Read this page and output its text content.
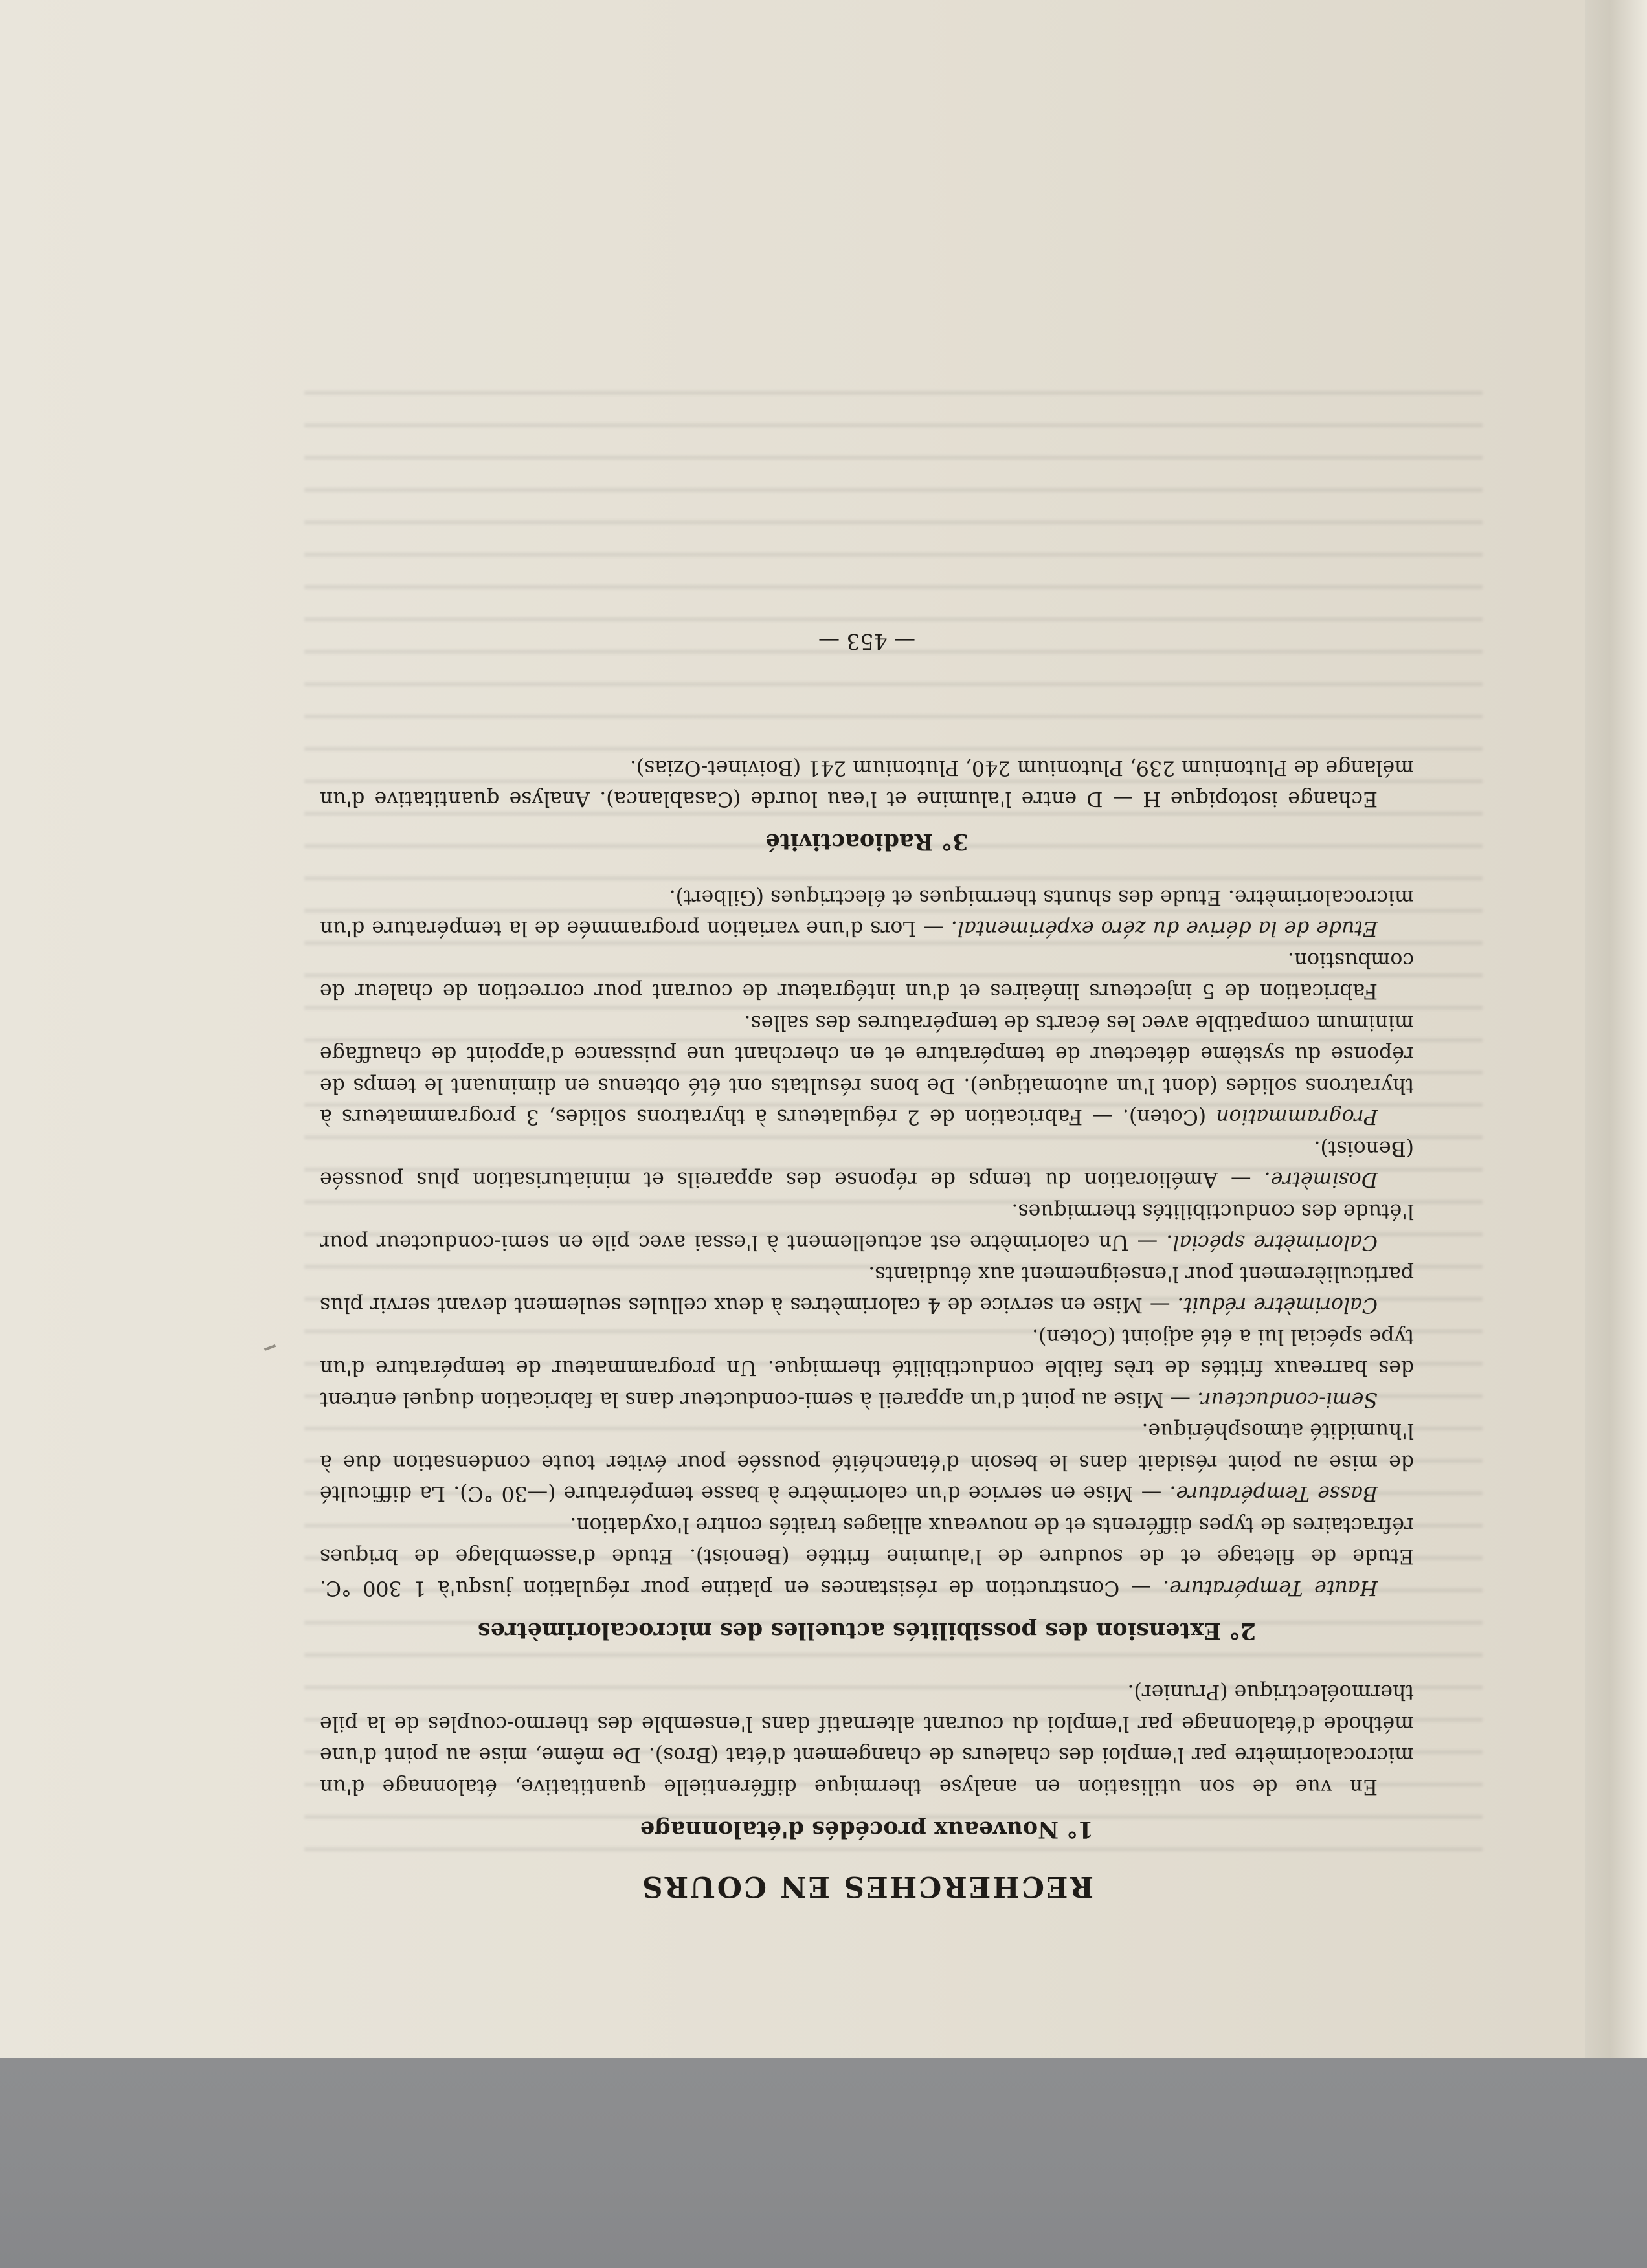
RECHERCHES EN COURS
1° Nouveaux procédés d'étalonnage

En vue de son utilisation en analyse thermique différentielle quantitative, étalonnage d'un microcalorimètre par l'emploi des chaleurs de changement d'état (Bros). De même, mise au point d'une méthode d'étalonnage par l'emploi du courant alternatif dans l'ensemble des thermo-couples de la pile thermoélectrique (Prunier).

2° Extension des possibilités actuelles des microcalorimètres

Haute Température. — Construction de résistances en platine pour régulation jusqu'à 1 300 °C. Etude de filetage et de soudure de l'alumine frittée (Benoist). Etude d'assemblage de briques réfractaires de types différents et de nouveaux alliages traités contre l'oxydation.

Basse Température. — Mise en service d'un calorimètre à basse température (—30 °C). La difficulté de mise au point résidait dans le besoin d'étanchéité poussée pour éviter toute condensation due à l'humidité atmosphérique.

Semi-conducteur. — Mise au point d'un appareil à semi-conducteur dans la fabrication duquel entrent des barreaux frittés de très faible conductibilité thermique. Un programmateur de température d'un type spécial lui a été adjoint (Coten).

Calorimètre réduit. — Mise en service de 4 calorimètres à deux cellules seulement devant servir plus particulièrement pour l'enseignement aux étudiants.

Calorimètre spécial. — Un calorimètre est actuellement à l'essai avec pile en semi-conducteur pour l'étude des conductibilités thermiques.

Dosimètre. — Amélioration du temps de réponse des appareils et miniaturisation plus poussée (Benoist).

Programmation (Coten). — Fabrication de 2 régulateurs à thyratrons solides, 3 programmateurs à thyratrons solides (dont l'un automatique). De bons résultats ont été obtenus en diminuant le temps de réponse du système détecteur de température et en cherchant une puissance d'appoint de chauffage minimum compatible avec les écarts de températures des salles.

Fabrication de 5 injecteurs linéaires et d'un intégrateur de courant pour correction de chaleur de combustion.

Etude de la dérive du zéro expérimental. — Lors d'une variation programmée de la température d'un microcalorimètre. Etude des shunts thermiques et électriques (Gilbert).

3° Radioactivité

Echange isotopique H — D entre l'alumine et l'eau lourde (Casablanca). Analyse quantitative d'un mélange de Plutonium 239, Plutonium 240, Plutonium 241 (Boivinet-Ozias).

— 453 —
